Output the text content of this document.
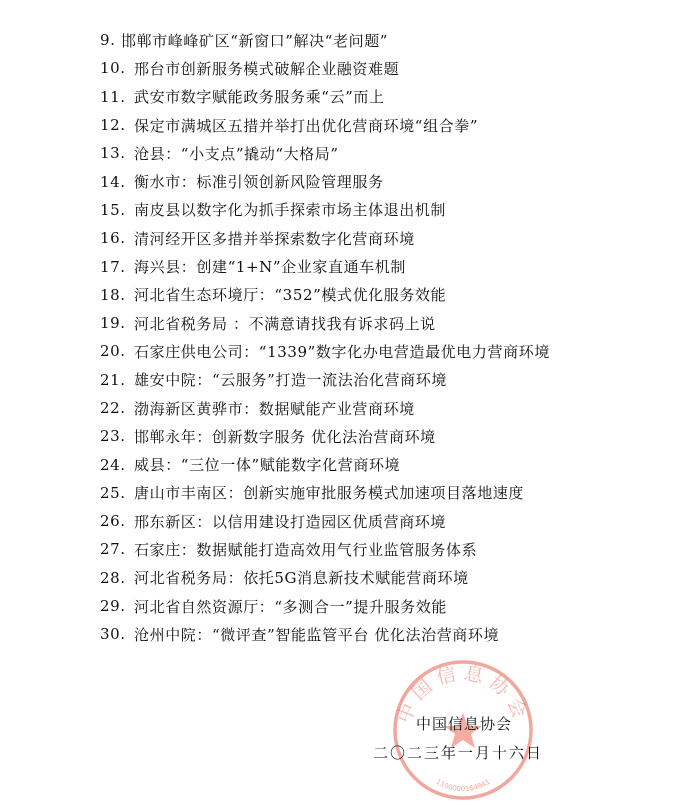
9. 邯郸市峰峰矿区“新窗口”解决“老问题”
10. 邢台市创新服务模式破解企业融资难题
11. 武安市数字赋能政务服务乘“云”而上
12. 保定市满城区五措并举打出优化营商环境“组合拳”
13. 沧县：“小支点”撬动“大格局”
14. 衡水市：标准引领创新风险管理服务
15. 南皮县以数字化为抓手探索市场主体退出机制
16. 清河经开区多措并举探索数字化营商环境
17. 海兴县：创建“1+N”企业家直通车机制
18. 河北省生态环境厅：“352”模式优化服务效能
19. 河北省税务局 ：不满意请找我有诉求码上说
20. 石家庄供电公司：“1339”数字化办电营造最优电力营商环境
21. 雄安中院：“云服务”打造一流法治化营商环境
22. 渤海新区黄骅市：数据赋能产业营商环境
23. 邯郸永年：创新数字服务 优化法治营商环境
24. 威县：“三位一体”赋能数字化营商环境
25. 唐山市丰南区：创新实施审批服务模式加速项目落地速度
26. 邢东新区：以信用建设打造园区优质营商环境
27. 石家庄：数据赋能打造高效用气行业监管服务体系
28. 河北省税务局：依托5G消息新技术赋能营商环境
29. 河北省自然资源厅：“多测合一”提升服务效能
30. 沧州中院：“微评查”智能监管平台 优化法治营商环境
中国信息协会
1100000164841
中国信息协会
二〇二三年一月十六日
